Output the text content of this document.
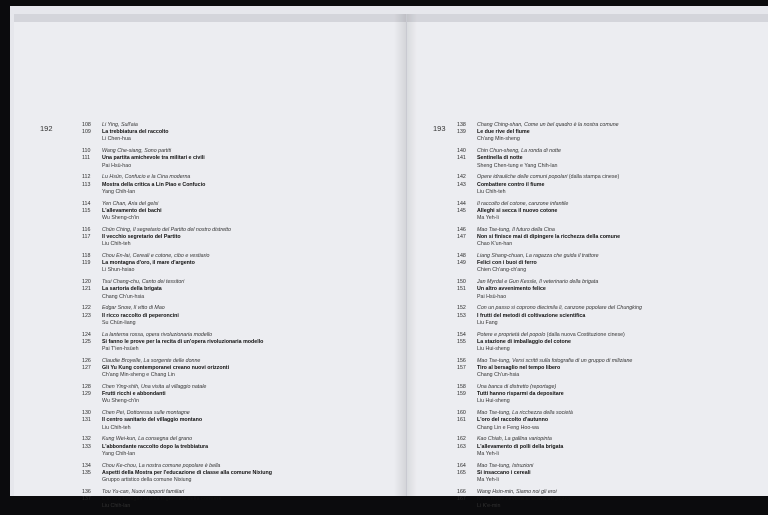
192	108	Li Ying, Sull'aia
109	La trebbiatura del raccolto
Li Chen-hua
110	Wang Che-siang, Sono partiti
111	Una partita amichevole tra militari e civili
Pai Hsü-hao
112	Lu Hsün, Confucio e la Cina moderna
113	Mostra della critica a Lin Piao e Confucio
Yang Chih-lan
114	Yen Chan, Aria del gelsi
115	L'allevamento dei bachi
Wu Sheng-ch'in
116	Chün Ching, Il segretario del Partito del nostro distretto
117	Il vecchio segretario del Partito
Liu Chih-teh
118	Chou En-lai, Cereali e cotone, cibo e vestiario
119	La montagna d'oro, il mare d'argento
Li Shun-hsiao
120	Tsui Chang-chu, Canto dei tessitori
121	La sartoria della brigata
Chang Ch'un-hsia
122	Edgar Snow, Il vitto di Mao
123	Il ricco raccolto di peperoncini
Su Chün-liang
124	La lanterna rossa, opera rivoluzionaria modello
125	Si fanno le prove per la recita di un'opera rivoluzionaria modello
Pai T'ien-hsüeh
126	Claudie Broyelle, La sorgente delle donne
127	Gli Yu Kung contemporanei creano nuovi orizzonti
Ch'ang Min-sheng e Chang Lin
128	Chen Ying-shih, Una visita al villaggio natale
129	Frutti ricchi e abbondanti
Wu Sheng-ch'in
130	Chen Pei, Dottoressa sulle montagne
131	Il centro sanitario del villaggio montano
Liu Chih-teh
132	Kung Wei-kun, La consegna del grano
133	L'abbondante raccolto dopo la trebbiatura
Yang Chih-lan
134	Chou Ke-chou, La nostra comune popolare è bella
135	Aspetti della Mostra per l'educazione di classe alla comune Nixiung
Gruppo artistico della comune Nixiung
136	Tou Yu-can, Nuovi rapporti familiari
137	L'intera famiglia studia il giornale della comune
Liu Chih-lan
193 138	Chang Ching-shan, Come un bel quadro è la nostra comune
139	Le due rive del fiume
Ch'ang Min-sheng
140	Chin Chun-sheng, La ronda di notte
141	Sentinella di notte
Sheng Chen-tung e Yang Chih-lan
142	Opere idrauliche delle comuni popolari (dalla stampa cinese)
143	Combattere contro il fiume
Liu Chih-teh
144	Il raccolto del cotone, canzone infantile
145	Alleghi si secca il nuovo cotone
Ma Yeh-li
146	Mao Tse-tung, Il futuro della Cina
147	Non si finisce mai di dipingere la ricchezza della comune
Chao K'un-han
148	Liang Shang-chuan, La ragazza che guida il trattore
149	Felici con i buoi di ferro
Chien Ch'ang-ch'ang
150	Jan Myrdal e Gun Kessle, Il veterinario della brigata
151	Un altro avvenimento felice
Pai Hsü-hao
152	Con un passo si coprono diecimila li, canzone popolare del Chungking
153	I frutti del metodi di coltivazione scientifica
Liu Fang
154	Potere e proprietà del popolo (dalla nuova Costituzione cinese)
155	La stazione di imballaggio del cotone
Liu Hui-sheng
156	Mao Tse-tung, Versi scritti sulla fotografia di un gruppo di miliziane
157	Tiro al bersaglio nel tempo libero
Chang Ch'un-hsia
158	Una banca di distretto (reportage)
159	Tutti hanno risparmi da depositare
Liu Hui-sheng
160	Mao Tse-tung, La ricchezza della società
161	L'oro del raccolto d'autunno
Chang Lin e Feng Hoo-wa
162	Kao Chiah, La gallina variopinta
163	L'allevamento di polli della brigata
Ma Yeh-li
164	Mao Tse-tung, Istruzioni
165	Si insaccano i cereali
Ma Yeh-li
166	Wang Hsin-min, Siamo noi gli eroi
167	Nella notte nevosa si scava un pozzo
Li K'e-min
